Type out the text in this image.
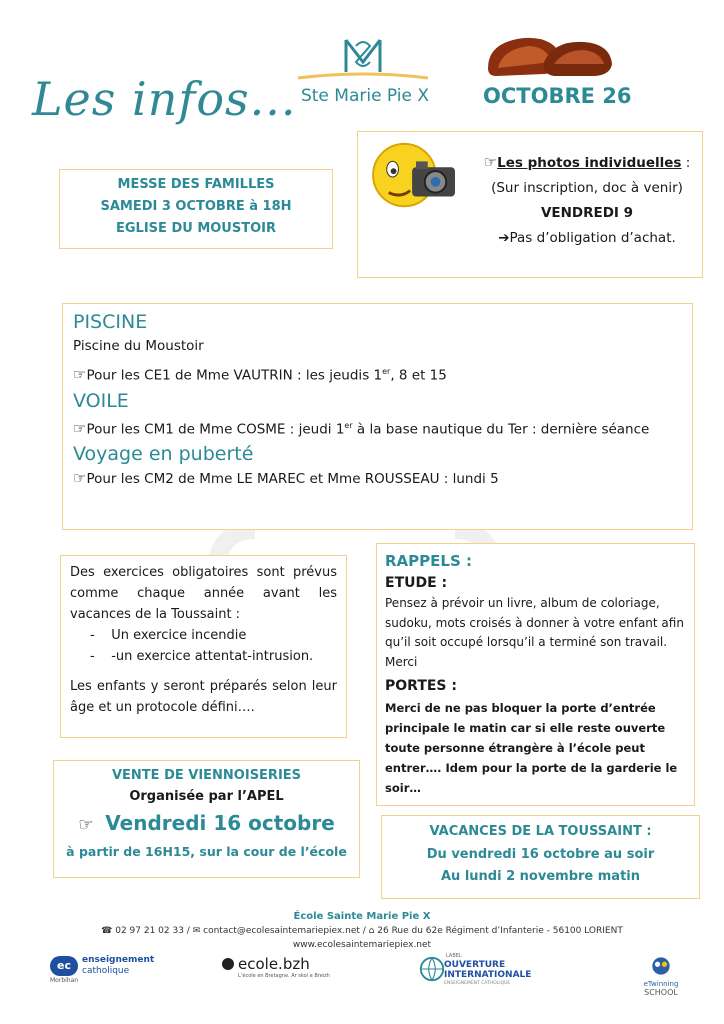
Les infos... Ste Marie Pie X	OCTOBRE 26
MESSE DES FAMILLES
SAMEDI 3 OCTOBRE à 18H
EGLISE DU MOUSTOIR
☞Les photos individuelles :
(Sur inscription, doc à venir)
VENDREDI 9
➔Pas d’obligation d’achat.
PISCINE
Piscine du Moustoir
☞Pour les CE1 de Mme VAUTRIN : les jeudis 1er, 8 et 15
VOILE
☞Pour les CM1 de Mme COSME : jeudi 1er à la base nautique du Ter : dernière séance
Voyage en puberté
☞Pour les CM2 de Mme LE MAREC et Mme ROUSSEAU : lundi 5
Des exercices obligatoires sont prévus comme chaque année avant les vacances de la Toussaint :
-    Un exercice incendie
-    -un exercice attentat-intrusion.
Les enfants y seront préparés selon leur âge et un protocole défini….
RAPPELS :
ETUDE :
Pensez à prévoir un livre, album de coloriage, sudoku, mots croisés à donner à votre enfant afin qu’il soit occupé lorsqu’il a terminé son travail. Merci
PORTES :
Merci de ne pas bloquer la porte d’entrée principale le matin car si elle reste ouverte toute personne étrangère à l’école peut entrer…. Idem pour la porte de la garderie le soir…
VENTE DE VIENNOISERIES
Organisée par l’APEL
☞  Vendredi 16 octobre
à partir de 16H15, sur la cour de l’école
VACANCES DE LA TOUSSAINT :
Du vendredi 16 octobre au soir
Au lundi 2 novembre matin
École Sainte Marie Pie X
☎ 02 97 21 02 33 / ✉ contact@ecolesaintemariepiex.net / ⌂ 26 Rue du 62e Régiment d’Infanterie - 56100 LORIENT
www.ecolesaintemariepiex.net
ec	enseignement
catholique
Morbihan
ecole.bzh
L’école en Bretagne. Ar skol e Breizh
LABEL
OUVERTURE
INTERNATIONALE
ENSEIGNEMENT CATHOLIQUE	eTwinning
SCHOOL
